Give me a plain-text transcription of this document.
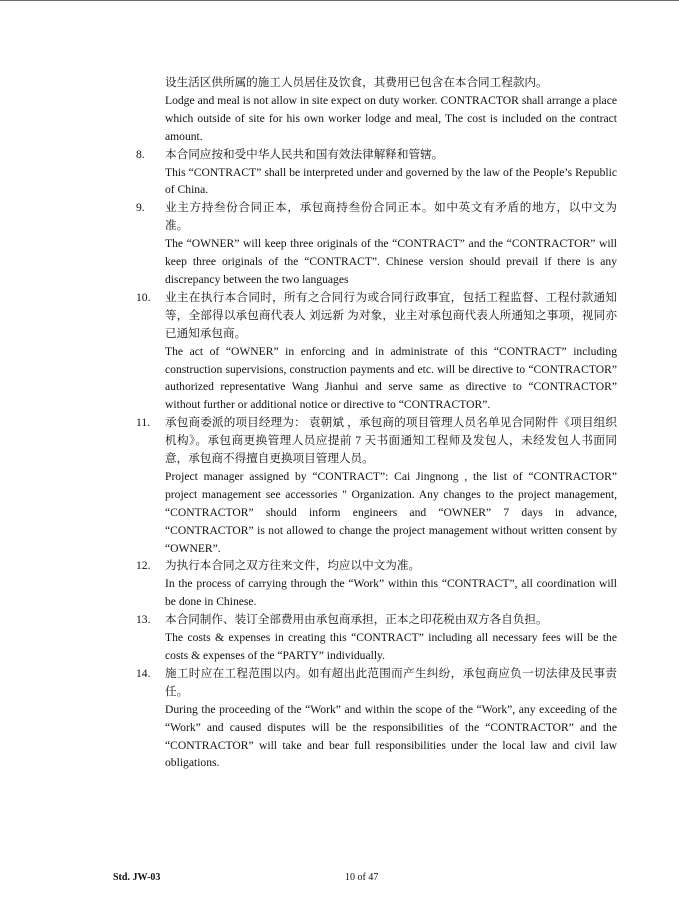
设生活区供所属的施工人员居住及饮食，其费用已包含在本合同工程款内。

Lodge and meal is not allow in site expect on duty worker. CONTRACTOR shall arrange a place which outside of site for his own worker lodge and meal, The cost is included on the contract amount.

8. 本合同应按和受中华人民共和国有效法律解释和管辖。

This “CONTRACT” shall be interpreted under and governed by the law of the People’s Republic of China.

9. 业主方持叁份合同正本，承包商持叁份合同正本。如中英文有矛盾的地方，以中文为准。

The “OWNER” will keep three originals of the “CONTRACT” and the “CONTRACTOR” will keep three originals of the “CONTRACT”. Chinese version should prevail if there is any discrepancy between the two languages

10. 业主在执行本合同时，所有之合同行为或合同行政事宜，包括工程监督、工程付款通知等，全部得以承包商代表人 刘远新 为对象，业主对承包商代表人所通知之事项，视同亦已通知承包商。

The act of “OWNER” in enforcing and in administrate of this “CONTRACT” including construction supervisions, construction payments and etc. will be directive to “CONTRACTOR” authorized representative Wang Jianhui and serve same as directive to “CONTRACTOR” without further or additional notice or directive to “CONTRACTOR”.

11. 承包商委派的项目经理为： 袁朝斌 ，承包商的项目管理人员名单见合同附件《项目组织机构》。承包商更换管理人员应提前 7 天书面通知工程师及发包人，未经发包人书面同意，承包商不得擅自更换项目管理人员。

Project manager assigned by “CONTRACT”: Cai Jingnong , the list of “CONTRACTOR” project management see accessories " Organization. Any changes to the project management, “CONTRACTOR” should inform engineers and “OWNER” 7 days in advance, “CONTRACTOR” is not allowed to change the project management without written consent by “OWNER”.

12. 为执行本合同之双方往来文件，均应以中文为准。

In the process of carrying through the “Work” within this “CONTRACT”, all coordination will be done in Chinese.

13. 本合同制作、装订全部费用由承包商承担，正本之印花税由双方各自负担。

The costs & expenses in creating this “CONTRACT” including all necessary fees will be the costs & expenses of the “PARTY” individually.

14. 施工时应在工程范围以内。如有超出此范围而产生纠纷，承包商应负一切法律及民事责任。

During the proceeding of the “Work” and within the scope of the “Work”, any exceeding of the “Work” and caused disputes will be the responsibilities of the “CONTRACTOR” and the “CONTRACTOR” will take and bear full responsibilities under the local law and civil law obligations.

Std. JW-03	10 of 47
